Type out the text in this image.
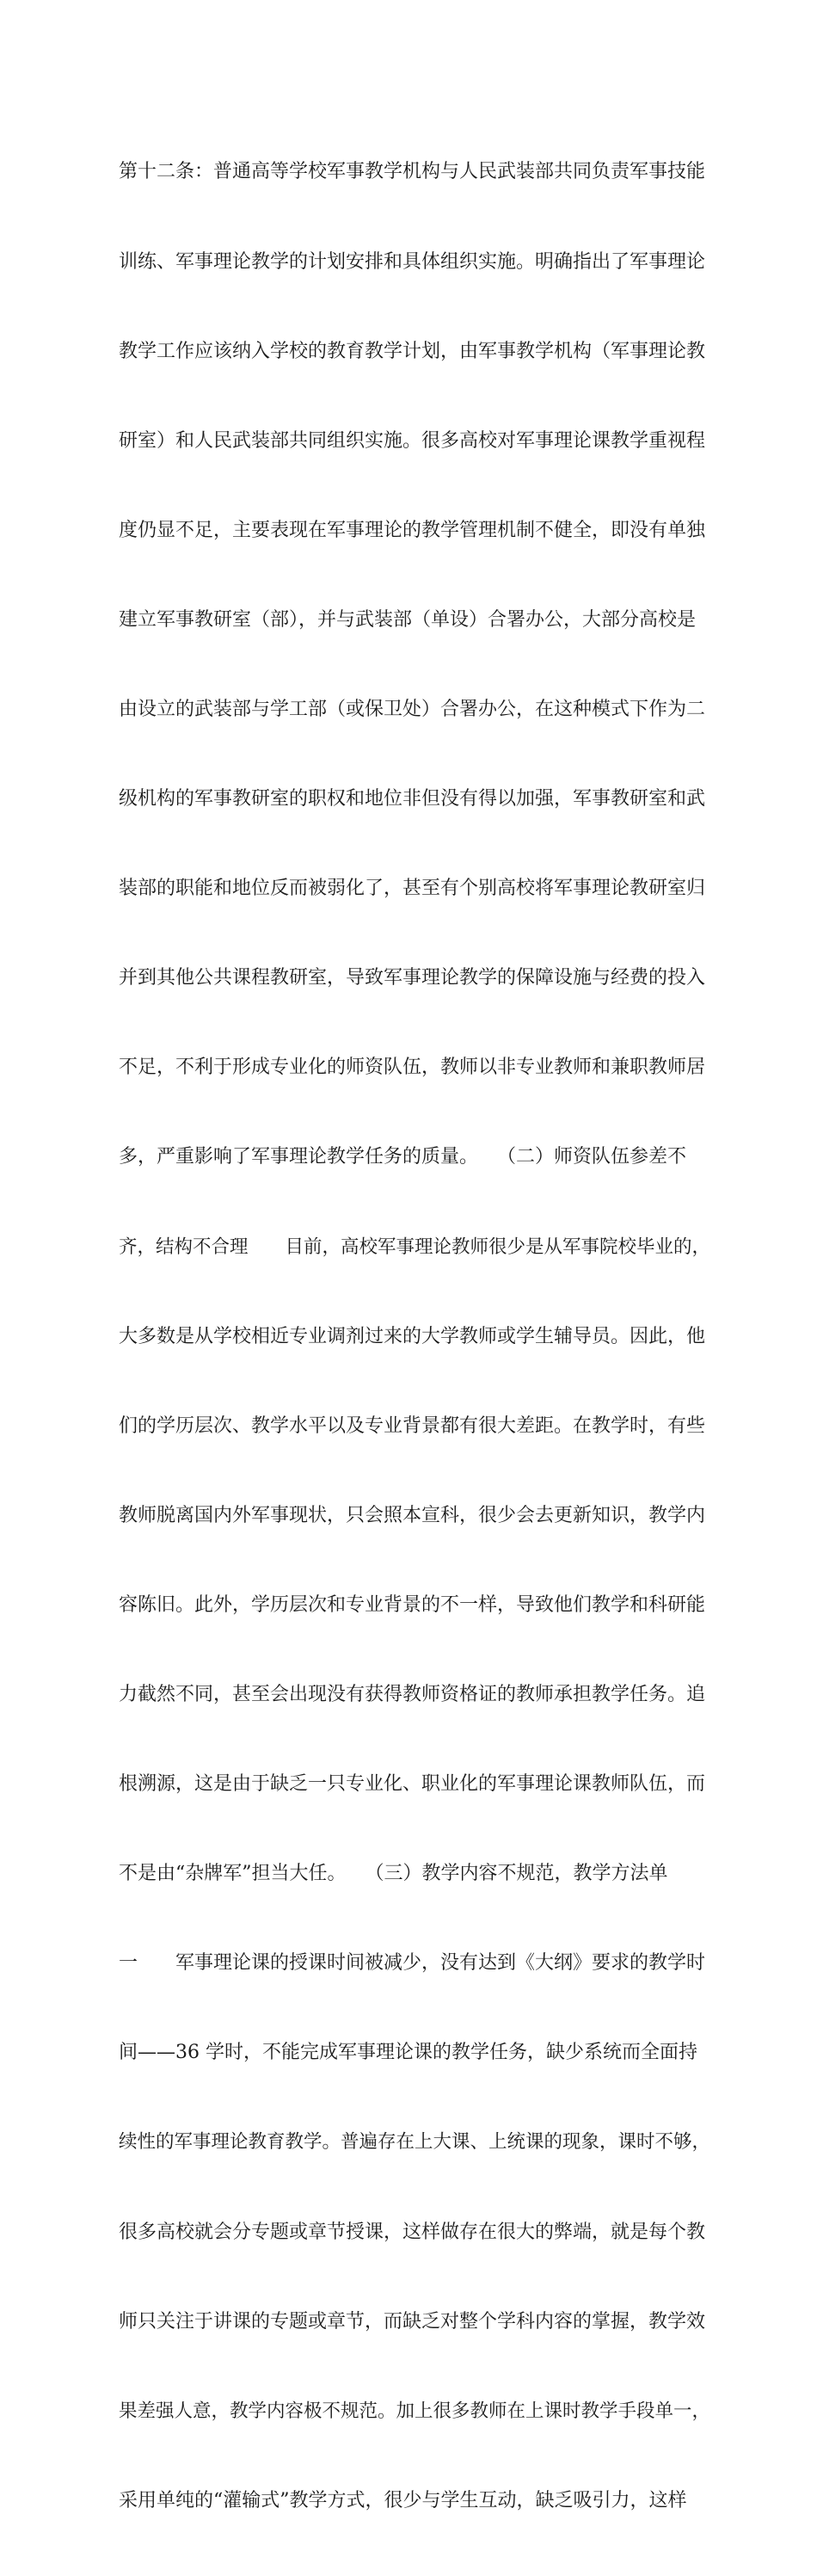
第十二条：普通高等学校军事教学机构与人民武装部共同负责军事技能

训练、军事理论教学的计划安排和具体组织实施。明确指出了军事理论

教学工作应该纳入学校的教育教学计划，由军事教学机构（军事理论教

研室）和人民武装部共同组织实施。很多高校对军事理论课教学重视程

度仍显不足，主要表现在军事理论的教学管理机制不健全，即没有单独

建立军事教研室（部），并与武装部（单设）合署办公，大部分高校是

由设立的武装部与学工部（或保卫处）合署办公，在这种模式下作为二

级机构的军事教研室的职权和地位非但没有得以加强，军事教研室和武

装部的职能和地位反而被弱化了，甚至有个别高校将军事理论教研室归

并到其他公共课程教研室，导致军事理论教学的保障设施与经费的投入

不足，不利于形成专业化的师资队伍，教师以非专业教师和兼职教师居

多，严重影响了军事理论教学任务的质量。　　（二）师资队伍参差不

齐，结构不合理　　目前，高校军事理论教师很少是从军事院校毕业的，

大多数是从学校相近专业调剂过来的大学教师或学生辅导员。因此，他

们的学历层次、教学水平以及专业背景都有很大差距。在教学时，有些

教师脱离国内外军事现状，只会照本宣科，很少会去更新知识，教学内

容陈旧。此外，学历层次和专业背景的不一样，导致他们教学和科研能

力截然不同，甚至会出现没有获得教师资格证的教师承担教学任务。追

根溯源，这是由于缺乏一只专业化、职业化的军事理论课教师队伍，而

不是由“杂牌军”担当大任。　　（三）教学内容不规范，教学方法单

一　　军事理论课的授课时间被减少，没有达到《大纲》要求的教学时

间——36 学时，不能完成军事理论课的教学任务，缺少系统而全面持

续性的军事理论教育教学。普遍存在上大课、上统课的现象，课时不够，

很多高校就会分专题或章节授课，这样做存在很大的弊端，就是每个教

师只关注于讲课的专题或章节，而缺乏对整个学科内容的掌握，教学效

果差强人意，教学内容极不规范。加上很多教师在上课时教学手段单一，

采用单纯的“灌输式”教学方式，很少与学生互动，缺乏吸引力，这样
